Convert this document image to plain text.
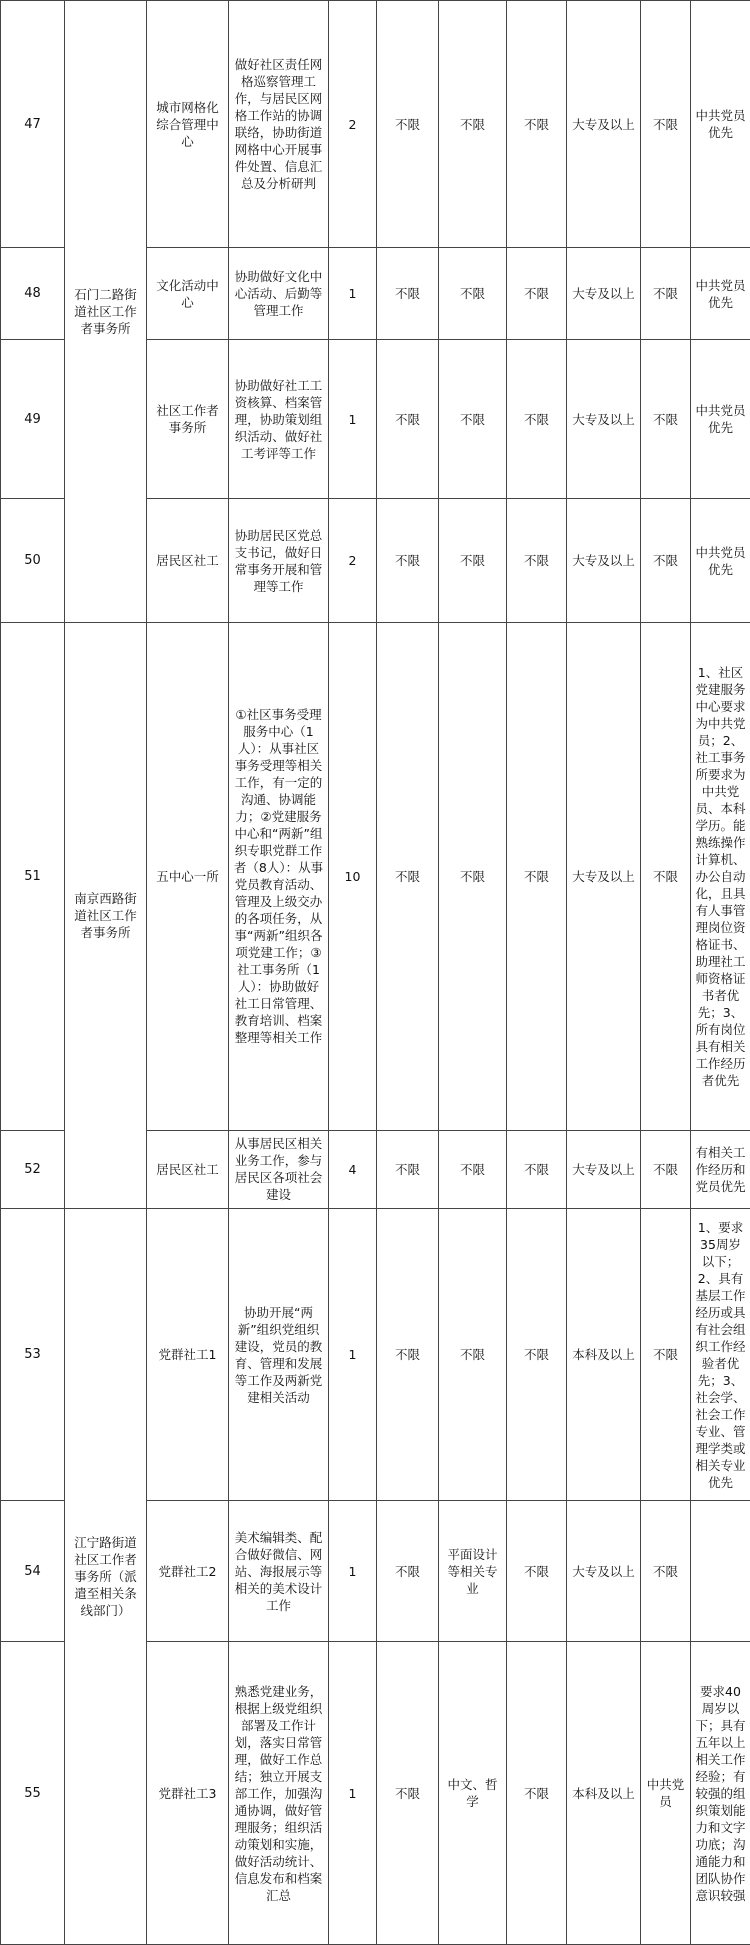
47	石门二路街道社区工作者事务所	城市网格化综合管理中心	做好社区责任网格巡察管理工作，与居民区网格工作站的协调联络，协助街道网格中心开展事件处置、信息汇总及分析研判	2	不限	不限	不限	大专及以上	不限	中共党员优先
48		文化活动中心	协助做好文化中心活动、后勤等管理工作	1	不限	不限	不限	大专及以上	不限	中共党员优先
49		社区工作者事务所	协助做好社工工资核算、档案管理，协助策划组织活动、做好社工考评等工作	1	不限	不限	不限	大专及以上	不限	中共党员优先
50		居民区社工	协助居民区党总支书记，做好日常事务开展和管理等工作	2	不限	不限	不限	大专及以上	不限	中共党员优先
51	南京西路街道社区工作者事务所	五中心一所	①社区事务受理服务中心（1人）：从事社区事务受理等相关工作，有一定的沟通、协调能力；②党建服务中心和“两新”组织专职党群工作者（8人）：从事党员教育活动、管理及上级交办的各项任务，从事“两新”组织各项党建工作；③社工事务所（1人）：协助做好社工日常管理、教育培训、档案整理等相关工作	10	不限	不限	不限	大专及以上	不限	1、社区党建服务中心要求为中共党员；2、社工事务所要求为中共党员、本科学历。能熟练操作计算机、办公自动化，且具有人事管理岗位资格证书、助理社工师资格证书者优先；3、所有岗位具有相关工作经历者优先
52		居民区社工	从事居民区相关业务工作，参与居民区各项社会建设	4	不限	不限	不限	大专及以上	不限	有相关工作经历和党员优先
53	江宁路街道社区工作者事务所（派遣至相关条线部门）	党群社工1	协助开展“两新”组织党组织建设，党员的教育、管理和发展等工作及两新党建相关活动	1	不限	不限	不限	本科及以上	不限	1、要求35周岁以下；2、具有基层工作经历或具有社会组织工作经验者优先；3、社会学、社会工作专业、管理学类或相关专业优先
54		党群社工2	美术编辑类、配合做好微信、网站、海报展示等相关的美术设计工作	1	不限	平面设计等相关专业	不限	大专及以上	不限	
55		党群社工3	熟悉党建业务，根据上级党组织部署及工作计划，落实日常管理，做好工作总结；独立开展支部工作，加强沟通协调，做好管理服务；组织活动策划和实施，做好活动统计、信息发布和档案汇总	1	不限	中文、哲学	不限	本科及以上	中共党员	要求40周岁以下；具有五年以上相关工作经验；有较强的组织策划能力和文字功底；沟通能力和团队协作意识较强
